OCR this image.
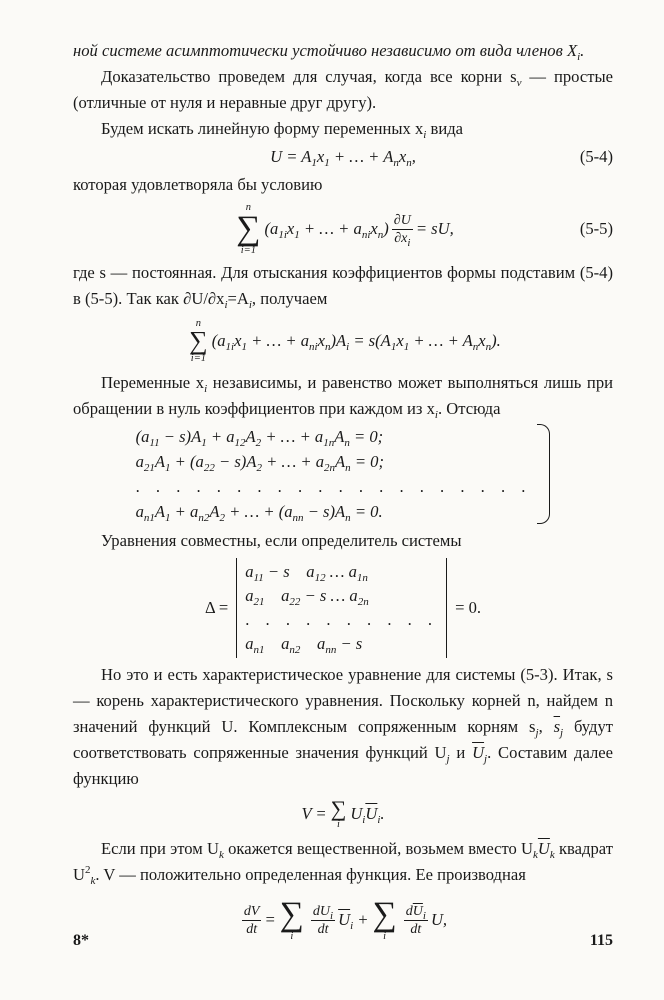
ной системе асимптотически устойчиво независимо от вида членов $X_i$.

Доказательство проведем для случая, когда все корни $s_\nu$ — простые (отличные от нуля и неравные друг другу).

Будем искать линейную форму переменных $x_i$ вида

$U = A_1x_1$ + … + $A_nx_n$,	(5-4)

которая удовлетворяла бы условию

n
∑
i=1
($a_{1i}x_1$ + … + $a_{ni}x_n) \frac{\partial U}{\partial x_i}$ = sU,	(5-5)

где s — постоянная. Для отыскания коэффициентов формы подставим (5-4) в (5-5). Так как $\partial U/\partial x_i=A_i$, получаем

n
∑
i=1
($a_{1i}x_1$ + … + $a_{ni}x_n)A_i = s(A_1x_1$ + … + $A_nx_n$).

Переменные $x_i$ независимы, и равенство может выполняться лишь при обращении в нуль коэффициентов при каждом из $x_i$. Отсюда

$(a_{11} - s)A_1 + a_{12}A_2$ + … + $a_{1n}A_n = 0$;
$a_{21}A_1 + (a_{22} - s)A_2$ + … + $a_{2n}A_n = 0$;
. . . . . . . . . . . . . . . . . . . .
$a_{n1}A_1 + a_{n2}A_2$ + … + $(a_{nn} - s)A_n = 0$.

Уравнения совместны, если определитель системы

Δ =
$a_{11} - s$    $a_{12}$ … $a_{1n}$
$a_{21}$    $a_{22} - s$ … $a_{2n}$
. . . . . . . . . .
$a_{n1}$    $a_{n2}$    $a_{nn} - s$
= 0.

Но это и есть характеристическое уравнение для системы (5-3). Итак, s — корень характеристического уравнения. Поскольку корней n, найдем n значений функций U. Комплексным сопряженным корням $s_j$, $\overline{s}_j$ будут соответствовать сопряженные значения функций $U_j$ и $\overline{U}_j$. Составим далее функцию

V = ∑
i
$U_i\overline{U}_i$.

Если при этом $U_k$ окажется вещественной, возьмем вместо $U_k\overline{U}_k$ квадрат $U^2_k$. V — положительно определенная функция. Ее производная

$\frac{dV}{dt}$ = ∑
i $\frac{dU_i}{dt} \overline{U}_i$ + ∑
i $\frac{d\overline{U}_i}{dt} U$,
8*	115
